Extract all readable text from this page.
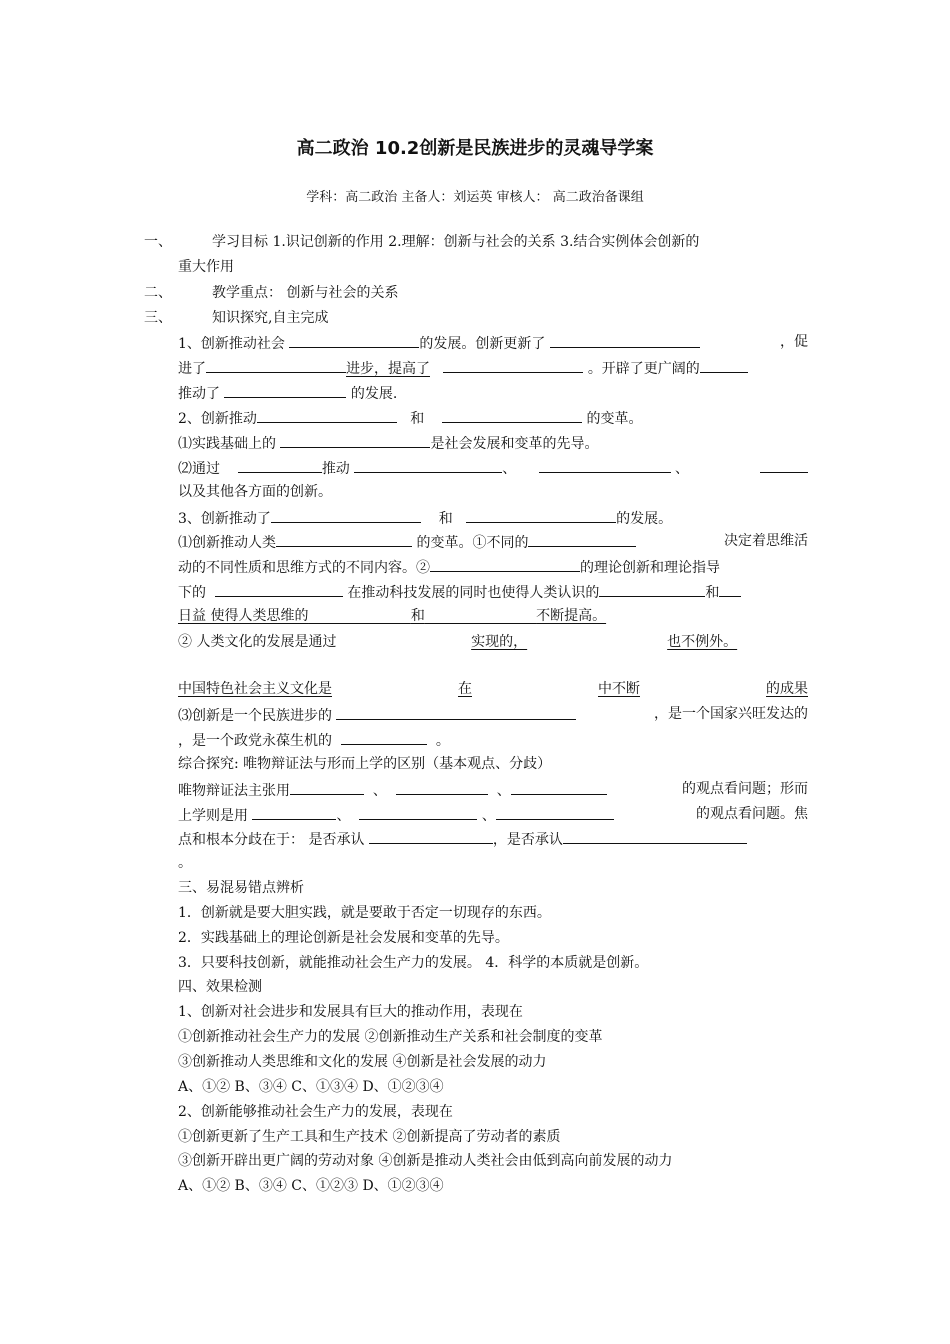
高二政治 10.2创新是民族进步的灵魂导学案
学科：高二政治 主备人：刘运英 审核人： 高二政治备课组
一、	学习目标 1.识记创新的作用 2.理解：创新与社会的关系 3.结合实例体会创新的
重大作用
二、	教学重点： 创新与社会的关系
三、	知识探究,自主完成
1、创新推动社会	的发展。创新更新了	，促
进了	进步，提高了	。开辟了更广阔的
推动了	的发展.
2、创新推动	和	的变革。
⑴实践基础上的	是社会发展和变革的先导。
⑵通过	推动	、	、
以及其他各方面的创新。
3、创新推动了	和	的发展。
⑴创新推动人类	的变革。①不同的	决定着思维活
动的不同性质和思维方式的不同内容。②	的理论创新和理论指导
下的	在推动科技发展的同时也使得人类认识的	和
日益 使得人类思维的	和	不断提高。
② 人类文化的发展是通过	实现的，	也不例外。
中国特色社会主义文化是	在	中不断	的成果
⑶创新是一个民族进步的	，是一个国家兴旺发达的
，是一个政党永葆生机的	。
综合探究: 唯物辩证法与形而上学的区别（基本观点、分歧）
唯物辩证法主张用	、	、	的观点看问题；形而
上学则是用	、	、	的观点看问题。焦
点和根本分歧在于： 是否承认	，是否承认
。
三、易混易错点辨析
1．创新就是要大胆实践，就是要敢于否定一切现存的东西。
2．实践基础上的理论创新是社会发展和变革的先导。
3．只要科技创新，就能推动社会生产力的发展。 4．科学的本质就是创新。
四、效果检测
1、创新对社会进步和发展具有巨大的推动作用，表现在
①创新推动社会生产力的发展 ②创新推动生产关系和社会制度的变革
③创新推动人类思维和文化的发展 ④创新是社会发展的动力
A、①② B、③④ C、①③④ D、①②③④
2、创新能够推动社会生产力的发展，表现在
①创新更新了生产工具和生产技术 ②创新提高了劳动者的素质
③创新开辟出更广阔的劳动对象 ④创新是推动人类社会由低到高向前发展的动力
A、①② B、③④ C、①②③ D、①②③④
